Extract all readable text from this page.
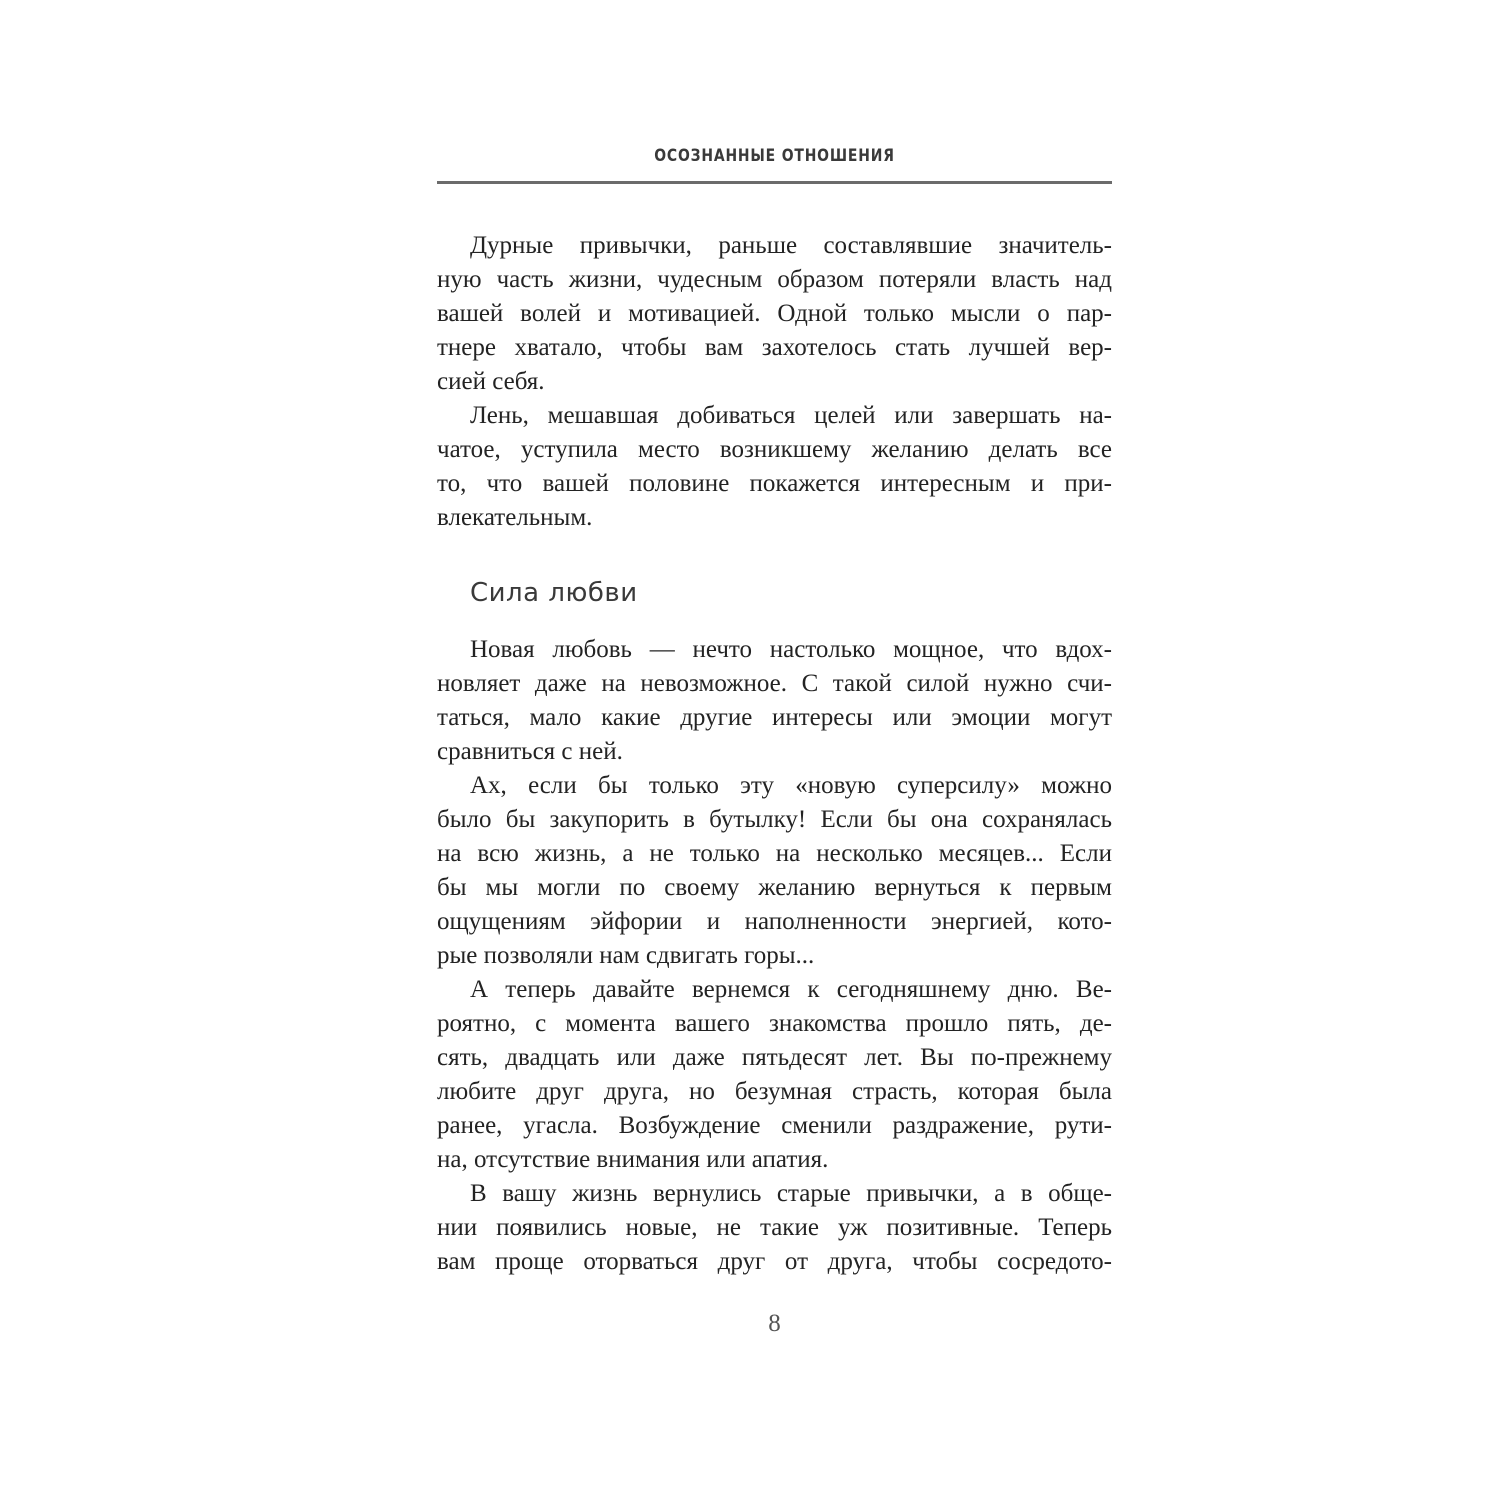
ОСОЗНАННЫЕ ОТНОШЕНИЯ
Дурные привычки, раньше составлявшие значитель-
ную часть жизни, чудесным образом потеряли власть над
вашей волей и мотивацией. Одной только мысли о пар-
тнере хватало, чтобы вам захотелось стать лучшей вер-
сией себя.
Лень, мешавшая добиваться целей или завершать на-
чатое, уступила место возникшему желанию делать все
то, что вашей половине покажется интересным и при-
влекательным.
Сила любви
Новая любовь — нечто настолько мощное, что вдох-
новляет даже на невозможное. С такой силой нужно счи-
таться, мало какие другие интересы или эмоции могут
сравниться с ней.
Ах, если бы только эту «новую суперсилу» можно
было бы закупорить в бутылку! Если бы она сохранялась
на всю жизнь, а не только на несколько месяцев... Если
бы мы могли по своему желанию вернуться к первым
ощущениям эйфории и наполненности энергией, кото-
рые позволяли нам сдвигать горы...
А теперь давайте вернемся к сегодняшнему дню. Ве-
роятно, с момента вашего знакомства прошло пять, де-
сять, двадцать или даже пятьдесят лет. Вы по-прежнему
любите друг друга, но безумная страсть, которая была
ранее, угасла. Возбуждение сменили раздражение, рути-
на, отсутствие внимания или апатия.
В вашу жизнь вернулись старые привычки, а в обще-
нии появились новые, не такие уж позитивные. Теперь
вам проще оторваться друг от друга, чтобы сосредото-
8
